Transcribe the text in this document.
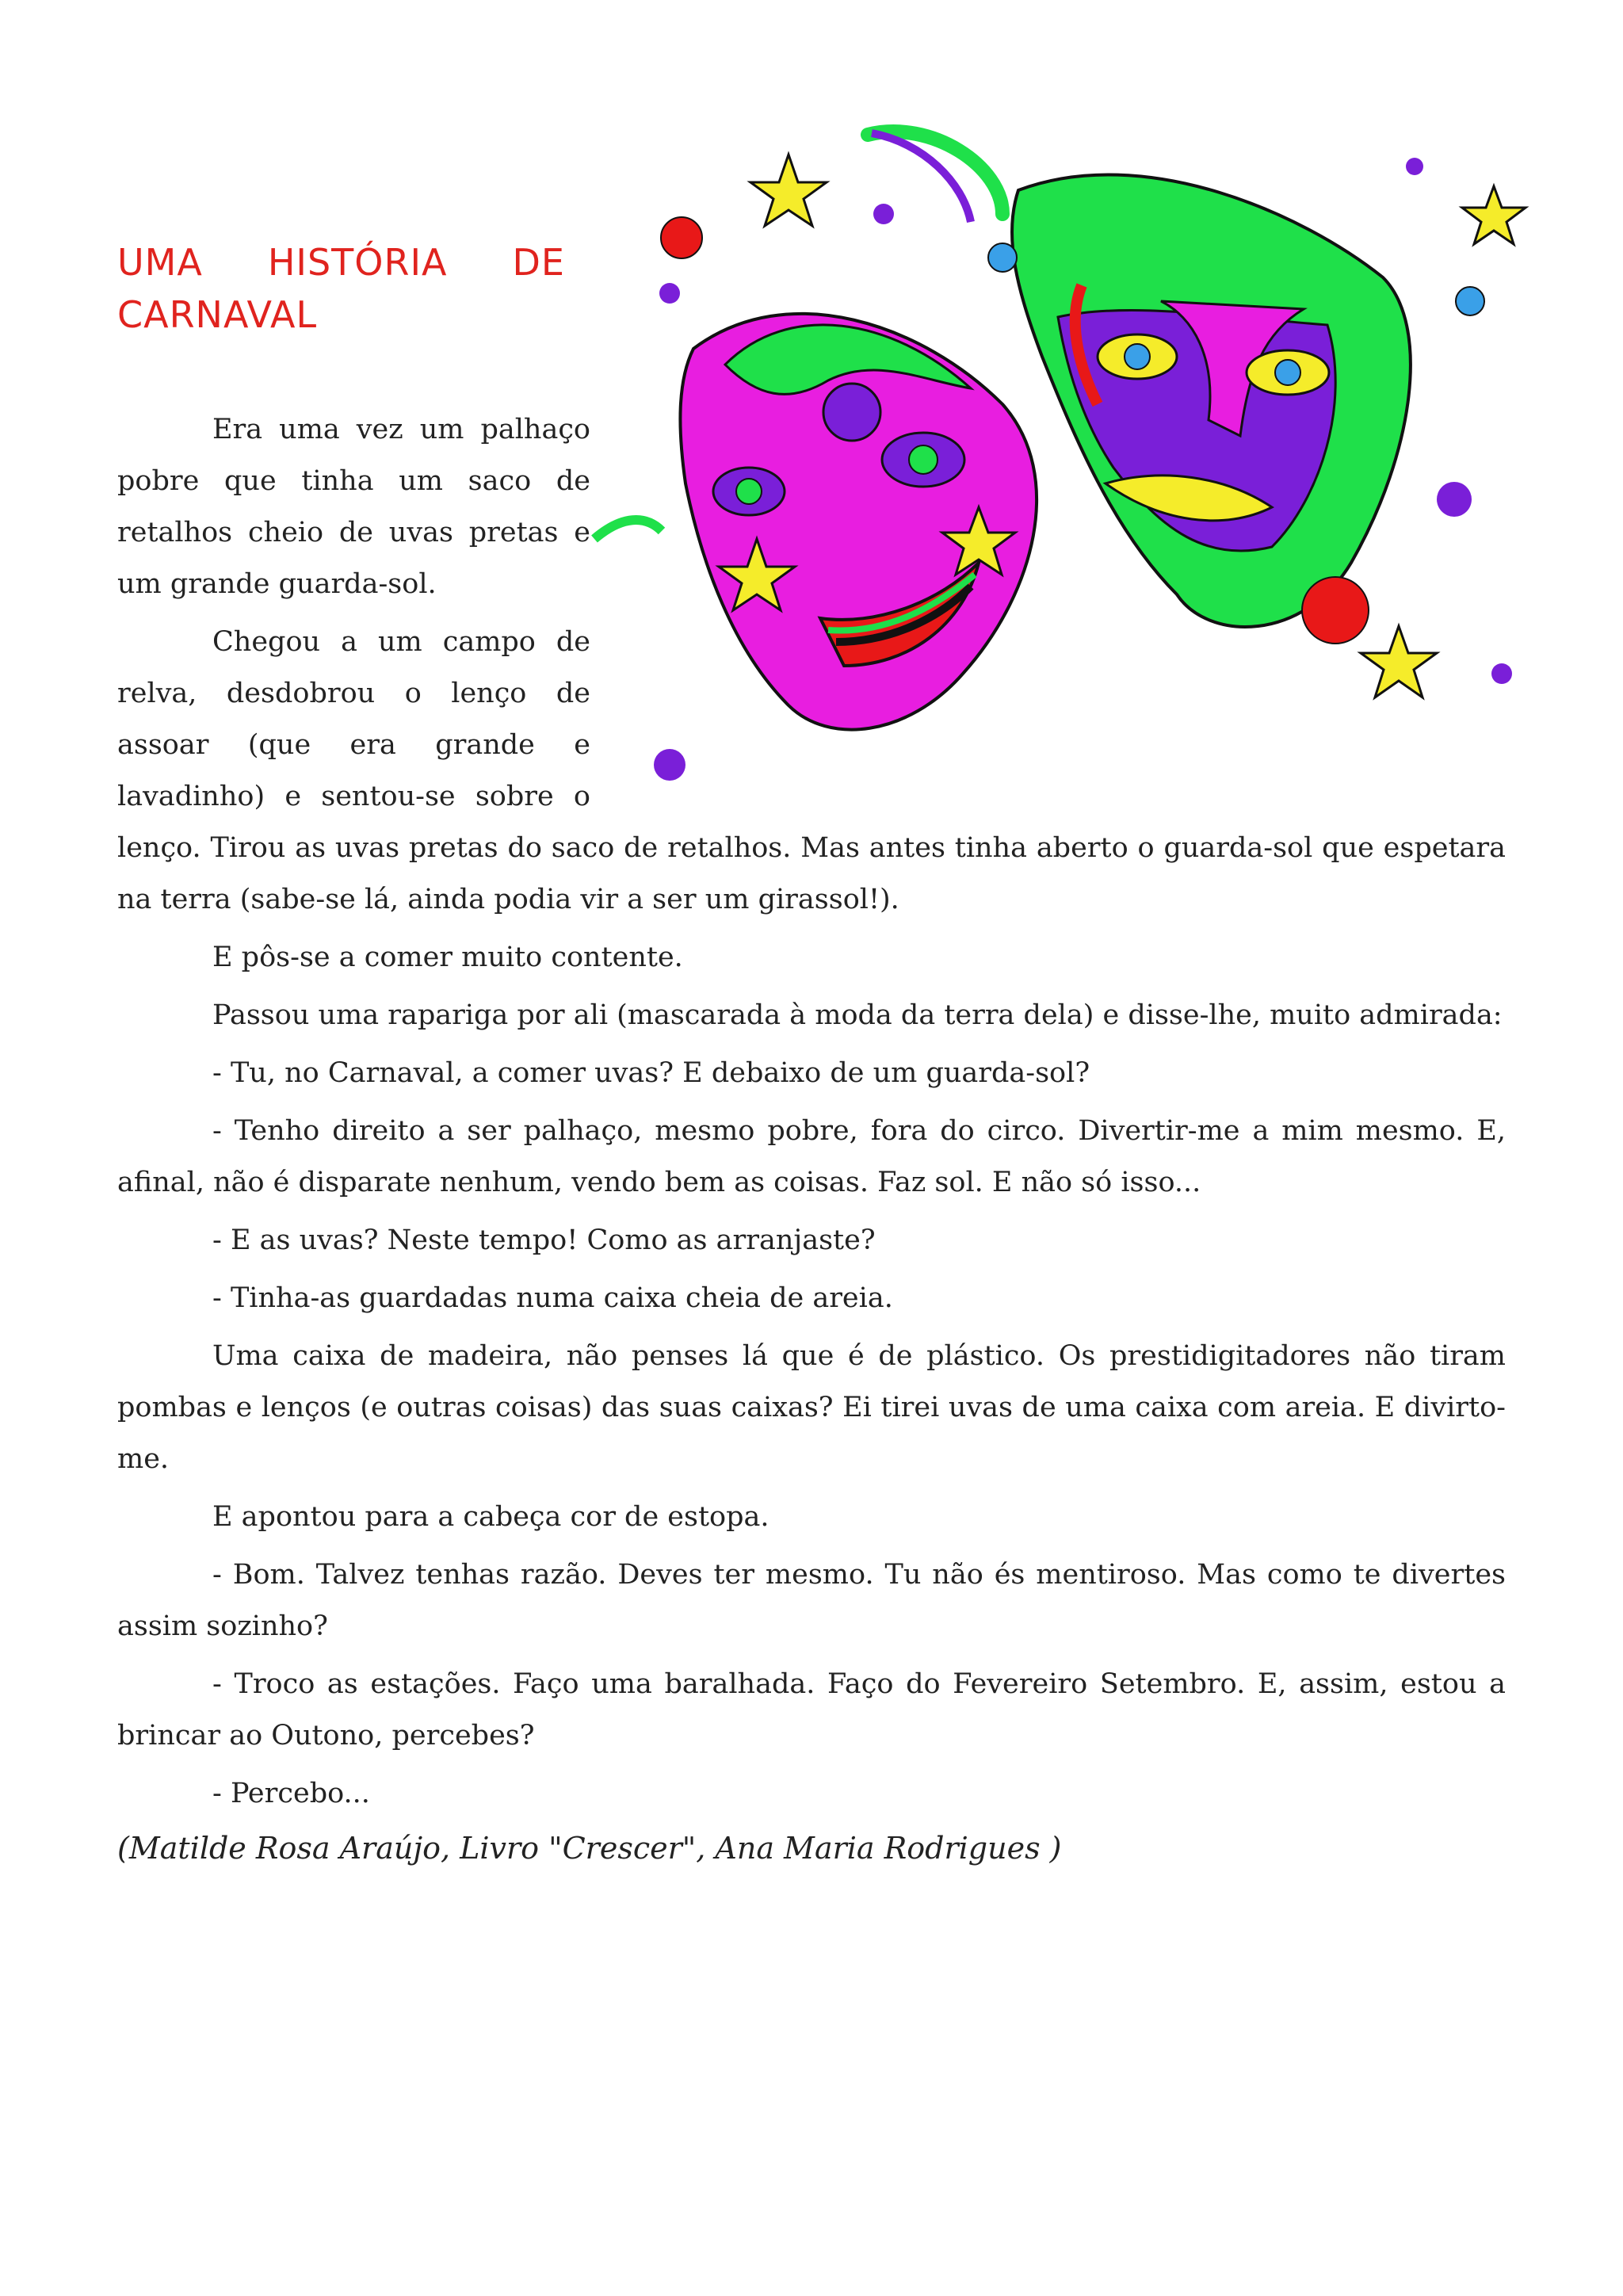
UMA HISTÓRIA DE
CARNAVAL

Era uma vez um palhaço pobre que tinha um saco de retalhos cheio de uvas pretas e um grande guarda-sol.

Chegou a um campo de relva, desdobrou o lenço de assoar (que era grande e lavadinho) e sentou-se sobre o lenço. Tirou as uvas pretas do saco de retalhos. Mas antes tinha aberto o guarda-sol que espetara na terra (sabe-se lá, ainda podia vir a ser um girassol!).

E pôs-se a comer muito contente.

Passou uma rapariga por ali (mascarada à moda da terra dela) e disse-lhe, muito admirada:

- Tu, no Carnaval, a comer uvas? E debaixo de um guarda-sol?

- Tenho direito a ser palhaço, mesmo pobre, fora do circo. Divertir-me a mim mesmo. E, afinal, não é disparate nenhum, vendo bem as coisas. Faz sol. E não só isso...

- E as uvas? Neste tempo! Como as arranjaste?

- Tinha-as guardadas numa caixa cheia de areia.

Uma caixa de madeira, não penses lá que é de plástico. Os prestidigitadores não tiram pombas e lenços (e outras coisas) das suas caixas? Ei tirei uvas de uma caixa com areia. E divirto-me.

E apontou para a cabeça cor de estopa.

- Bom. Talvez tenhas razão. Deves ter mesmo. Tu não és mentiroso. Mas como te divertes assim sozinho?

- Troco as estações. Faço uma baralhada. Faço do Fevereiro Setembro. E, assim, estou a brincar ao Outono, percebes?

- Percebo...

(Matilde Rosa Araújo, Livro "Crescer", Ana Maria Rodrigues )
